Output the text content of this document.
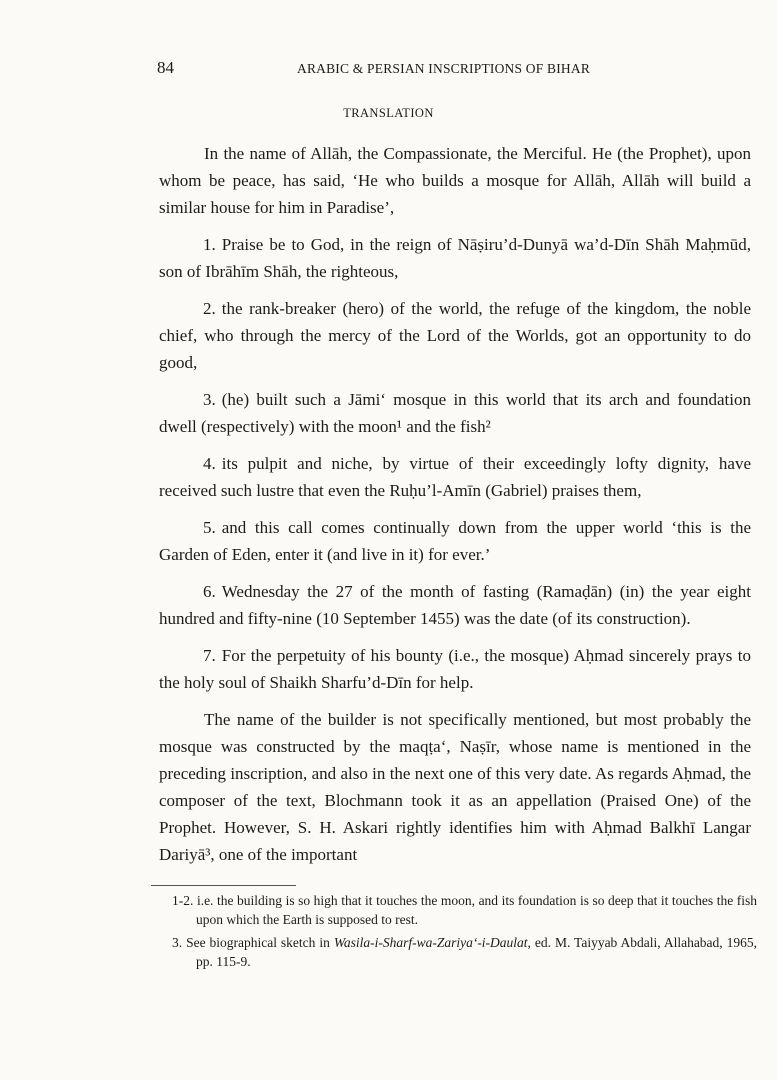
84	ARABIC & PERSIAN INSCRIPTIONS OF BIHAR
TRANSLATION

In the name of Allāh, the Compassionate, the Merciful. He (the Prophet), upon whom be peace, has said, ‘He who builds a mosque for Allāh, Allāh will build a similar house for him in Paradise’,

1. Praise be to God, in the reign of Nāṣiru’d-Dunyā wa’d-Dīn Shāh Maḥmūd, son of Ibrāhīm Shāh, the righteous,

2. the rank-breaker (hero) of the world, the refuge of the kingdom, the noble chief, who through the mercy of the Lord of the Worlds, got an opportunity to do good,

3. (he) built such a Jāmi‘ mosque in this world that its arch and foundation dwell (respectively) with the moon¹ and the fish²

4. its pulpit and niche, by virtue of their exceedingly lofty dignity, have received such lustre that even the Ruḥu’l-Amīn (Gabriel) praises them,

5. and this call comes continually down from the upper world ‘this is the Garden of Eden, enter it (and live in it) for ever.’

6. Wednesday the 27 of the month of fasting (Ramaḍān) (in) the year eight hundred and fifty-nine (10 September 1455) was the date (of its construction).

7. For the perpetuity of his bounty (i.e., the mosque) Aḥmad sincerely prays to the holy soul of Shaikh Sharfu’d-Dīn for help.

The name of the builder is not specifically mentioned, but most probably the mosque was constructed by the maqṭa‘, Naṣīr, whose name is mentioned in the preceding inscription, and also in the next one of this very date. As regards Aḥmad, the composer of the text, Blochmann took it as an appellation (Praised One) of the Prophet. However, S. H. Askari rightly identifies him with Aḥmad Balkhī Langar Dariyā³, one of the important

1-2. i.e. the building is so high that it touches the moon, and its foundation is so deep that it touches the fish upon which the Earth is supposed to rest.

3. See biographical sketch in Wasila-i-Sharf-wa-Zariya‘-i-Daulat, ed. M. Taiyyab Abdali, Allahabad, 1965, pp. 115-9.
